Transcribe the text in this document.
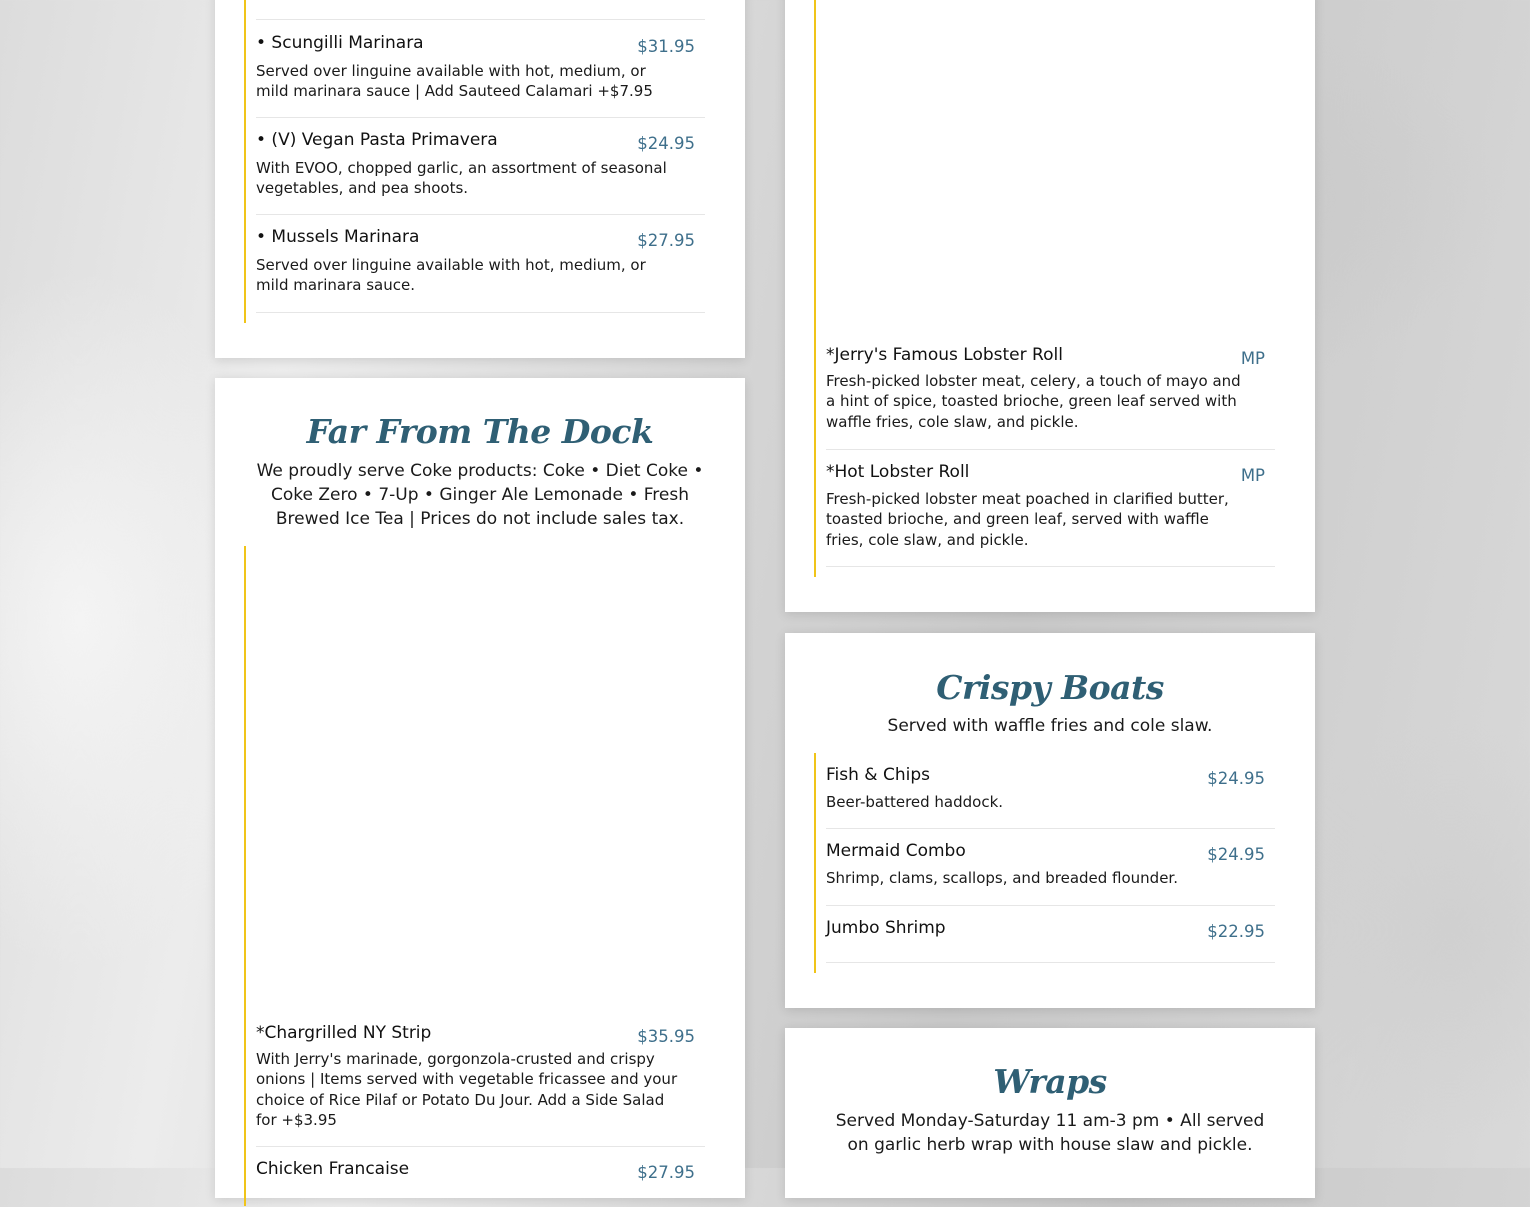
• Scungilli Marinara	$31.95
Served over linguine available with hot, medium, or mild marinara sauce | Add Sauteed Calamari +$7.95
• (V) Vegan Pasta Primavera	$24.95
With EVOO, chopped garlic, an assortment of seasonal vegetables, and pea shoots.
• Mussels Marinara	$27.95
Served over linguine available with hot, medium, or mild marinara sauce.
Far From The Dock
We proudly serve Coke products: Coke • Diet Coke • Coke Zero • 7-Up • Ginger Ale Lemonade • Fresh Brewed Ice Tea | Prices do not include sales tax.
*Chargrilled NY Strip	$35.95
With Jerry's marinade, gorgonzola-crusted and crispy onions | Items served with vegetable fricassee and your choice of Rice Pilaf or Potato Du Jour. Add a Side Salad for +$3.95
Chicken Francaise	$27.95
*Jerry's Famous Lobster Roll	MP
Fresh-picked lobster meat, celery, a touch of mayo and a hint of spice, toasted brioche, green leaf served with waffle fries, cole slaw, and pickle.
*Hot Lobster Roll	MP
Fresh-picked lobster meat poached in clarified butter, toasted brioche, and green leaf, served with waffle fries, cole slaw, and pickle.
Crispy Boats
Served with waffle fries and cole slaw.
Fish & Chips	$24.95
Beer-battered haddock.
Mermaid Combo	$24.95
Shrimp, clams, scallops, and breaded flounder.
Jumbo Shrimp	$22.95
Wraps
Served Monday-Saturday 11 am-3 pm • All served on garlic herb wrap with house slaw and pickle.
